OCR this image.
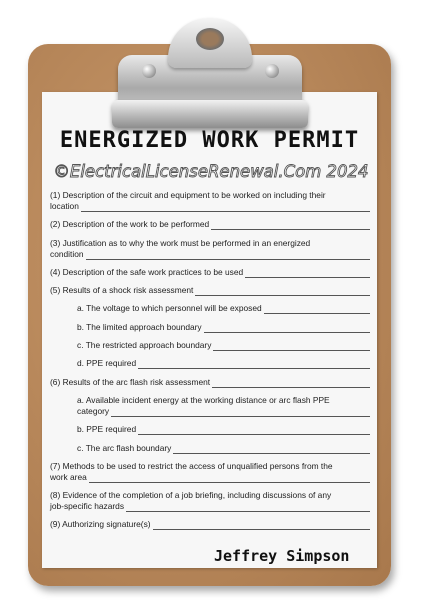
ENERGIZED WORK PERMIT
©ElectricalLicenseRenewal.Com 2024
(1) Description of the circuit and equipment to be worked on including their
location
(2) Description of the work to be performed
(3) Justification as to why the work must be performed in an energized
condition
(4) Description of the safe work practices to be used
(5) Results of a shock risk assessment
a. The voltage to which personnel will be exposed
b. The limited approach boundary
c. The restricted approach boundary
d. PPE required
(6) Results of the arc flash risk assessment
a. Available incident energy at the working distance or arc flash PPE
category
b. PPE required
c. The arc flash boundary
(7) Methods to be used to restrict the access of unqualified persons from the
work area
(8) Evidence of the completion of a job briefing, including discussions of any
job-specific hazards
(9) Authorizing signature(s)
Jeffrey Simpson
